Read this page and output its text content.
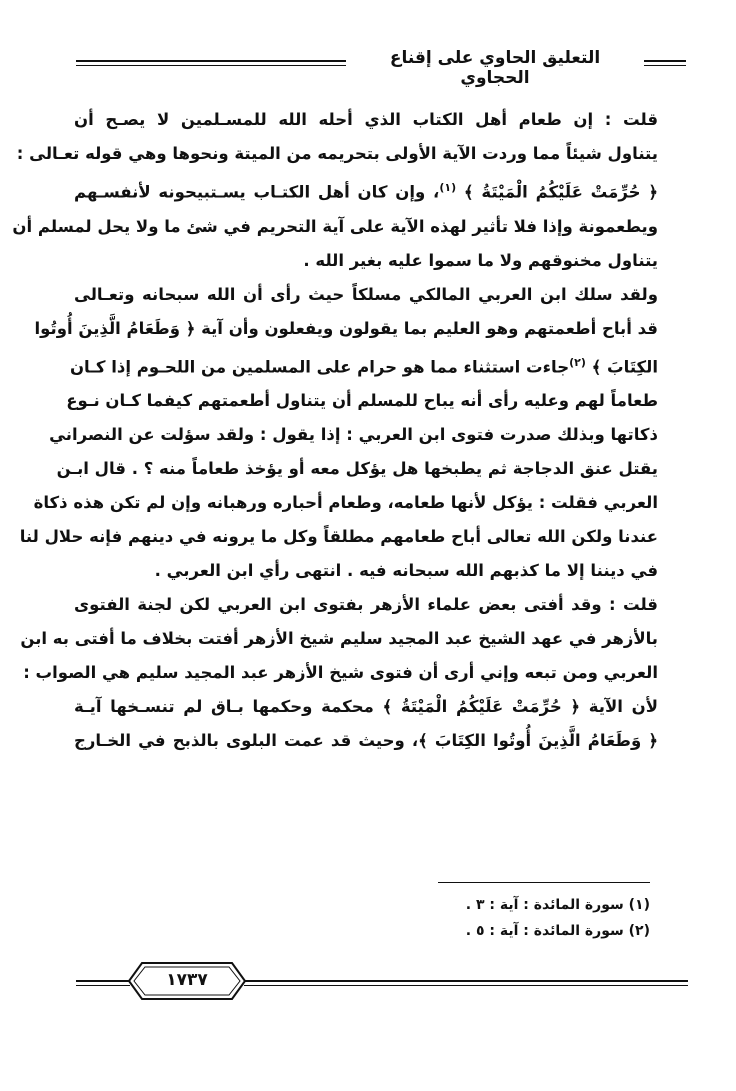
التعليق الحاوي على إقناع الحجاوي
قلت : إن طعام أهل الكتاب الذي أحله الله للمسـلمين لا يصـح أن
يتناول شيئاً مما وردت الآية الأولى بتحريمه من الميتة ونحوها وهي قوله تعـالى :
﴿ حُرِّمَتْ عَلَيْكُمُ الْمَيْتَةُ ﴾ $^{(١)}$، وإن كان أهل الكتـاب يسـتبيحونه لأنفسـهم
ويطعمونة وإذا فلا تأثير لهذه الآية على آية التحريم في شئ ما ولا يحل لمسلم أن
يتناول مخنوقهم ولا ما سموا عليه بغير الله .
ولقد سلك ابن العربي المالكي مسلكاً حيث رأى أن الله سبحانه وتعـالى
قد أباح أطعمتهم وهو العليم بما يقولون ويفعلون وأن آية ﴿ وَطَعَامُ الَّذِينَ أُوتُوا
الكِتَابَ ﴾ $^{(٢)}$جاءت استثناء مما هو حرام على المسلمين من اللحـوم إذا كـان
طعاماً لهم وعليه رأى أنه يباح للمسلم أن يتناول أطعمتهم كيفما كـان نـوع
ذكاتها وبذلك صدرت فتوى ابن العربي : إذا يقول : ولقد سؤلت عن النصراني
يقتل عنق الدجاجة ثم يطبخها هل يؤكل معه أو يؤخذ طعاماً منه ؟ . قال ابـن
العربي فقلت : يؤكل لأنها طعامه، وطعام أحباره ورهبانه وإن لم تكن هذه ذكاة
عندنا ولكن الله تعالى أباح طعامهم مطلقاً وكل ما يرونه في دينهم فإنه حلال لنا
في ديننا إلا ما كذبهم الله سبحانه فيه . انتهى رأي ابن العربي .
قلت : وقد أفتى بعض علماء الأزهر بفتوى ابن العربي لكن لجنة الفتوى
بالأزهر في عهد الشيخ عبد المجيد سليم شيخ الأزهر أفتت بخلاف ما أفتى به ابن
العربي ومن تبعه وإني أرى أن فتوى شيخ الأزهر عبد المجيد سليم هي الصواب :
لأن الآية ﴿ حُرِّمَتْ عَلَيْكُمُ الْمَيْتَةُ ﴾ محكمة وحكمها بـاق لم تنسـخها آيـة
﴿ وَطَعَامُ الَّذِينَ أُوتُوا الكِتَابَ ﴾، وحيث قد عمت البلوى بالذبح في الخـارج
(١) سورة المائدة : آية : ٣ .
(٢) سورة المائدة : آية : ٥ .
١٧٣٧
